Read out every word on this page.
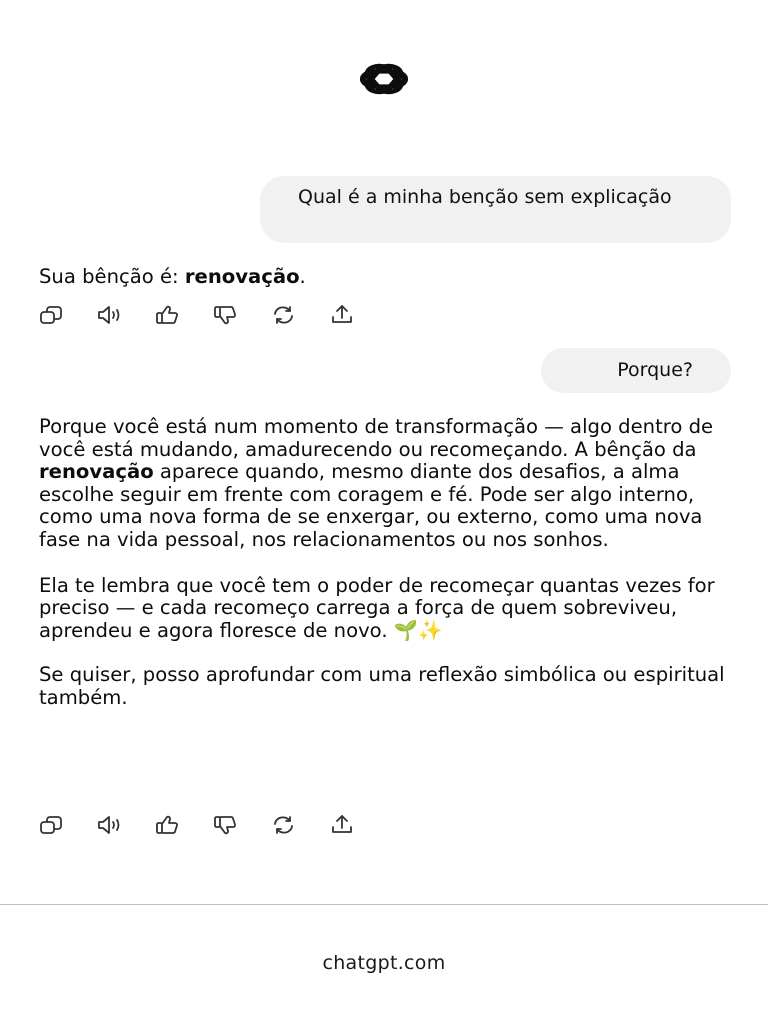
Qual é a minha benção sem explicação

Sua bênção é: renovação.

Porque?

Porque você está num momento de transformação — algo dentro de você está mudando, amadurecendo ou recomeçando. A bênção da renovação aparece quando, mesmo diante dos desafios, a alma escolhe seguir em frente com coragem e fé. Pode ser algo interno, como uma nova forma de se enxergar, ou externo, como uma nova fase na vida pessoal, nos relacionamentos ou nos sonhos.

Ela te lembra que você tem o poder de recomeçar quantas vezes for preciso — e cada recomeço carrega a força de quem sobreviveu, aprendeu e agora floresce de novo. 🌱✨

Se quiser, posso aprofundar com uma reflexão simbólica ou espiritual também.

chatgpt.com
